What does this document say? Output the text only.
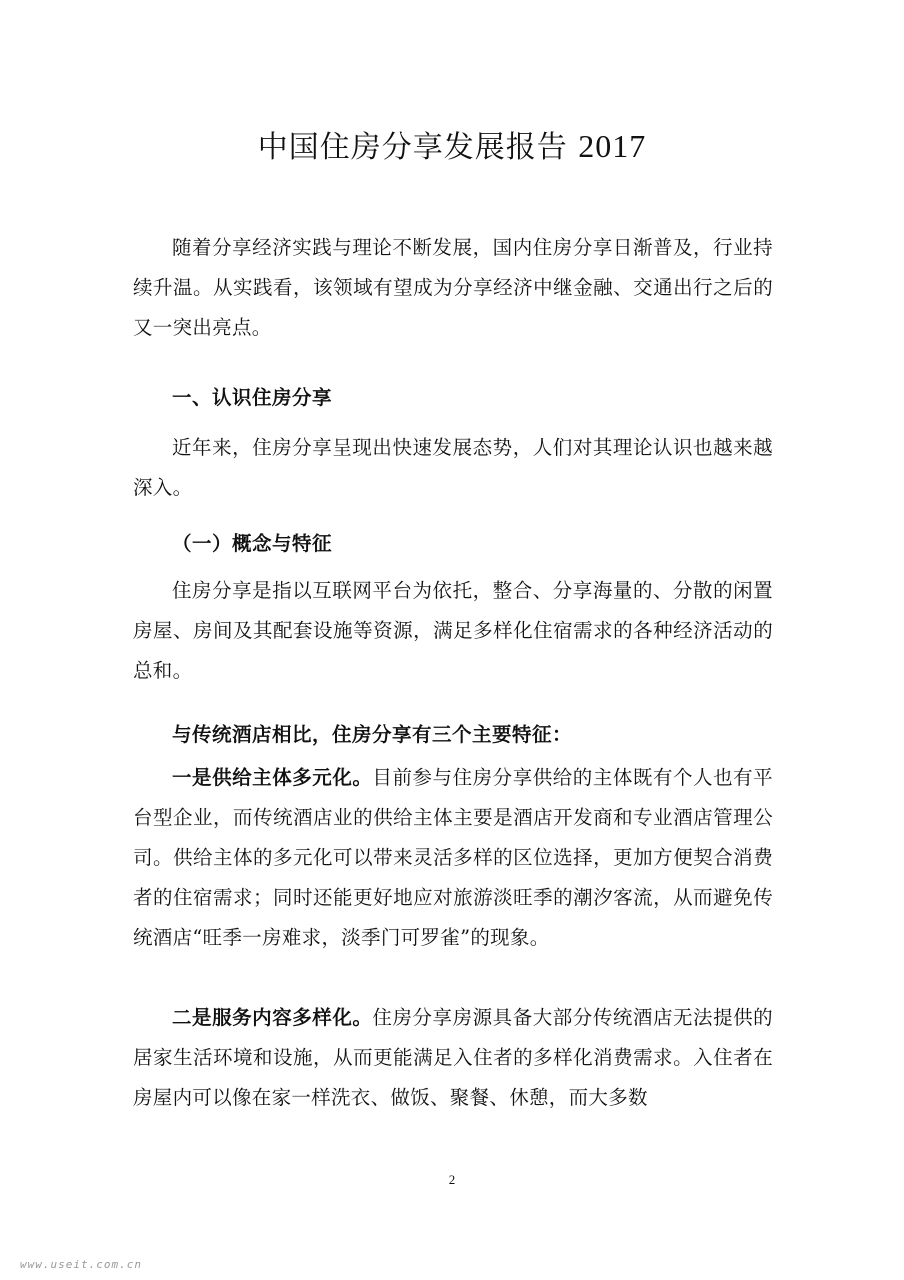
中国住房分享发展报告 2017

随着分享经济实践与理论不断发展，国内住房分享日渐普及，行业持续升温。从实践看，该领域有望成为分享经济中继金融、交通出行之后的又一突出亮点。

一、认识住房分享

近年来，住房分享呈现出快速发展态势，人们对其理论认识也越来越深入。

（一）概念与特征

住房分享是指以互联网平台为依托，整合、分享海量的、分散的闲置房屋、房间及其配套设施等资源，满足多样化住宿需求的各种经济活动的总和。

与传统酒店相比，住房分享有三个主要特征：

一是供给主体多元化。目前参与住房分享供给的主体既有个人也有平台型企业，而传统酒店业的供给主体主要是酒店开发商和专业酒店管理公司。供给主体的多元化可以带来灵活多样的区位选择，更加方便契合消费者的住宿需求；同时还能更好地应对旅游淡旺季的潮汐客流，从而避免传统酒店“旺季一房难求，淡季门可罗雀”的现象。

二是服务内容多样化。住房分享房源具备大部分传统酒店无法提供的居家生活环境和设施，从而更能满足入住者的多样化消费需求。入住者在房屋内可以像在家一样洗衣、做饭、聚餐、休憩，而大多数

2
www.useit.com.cn
